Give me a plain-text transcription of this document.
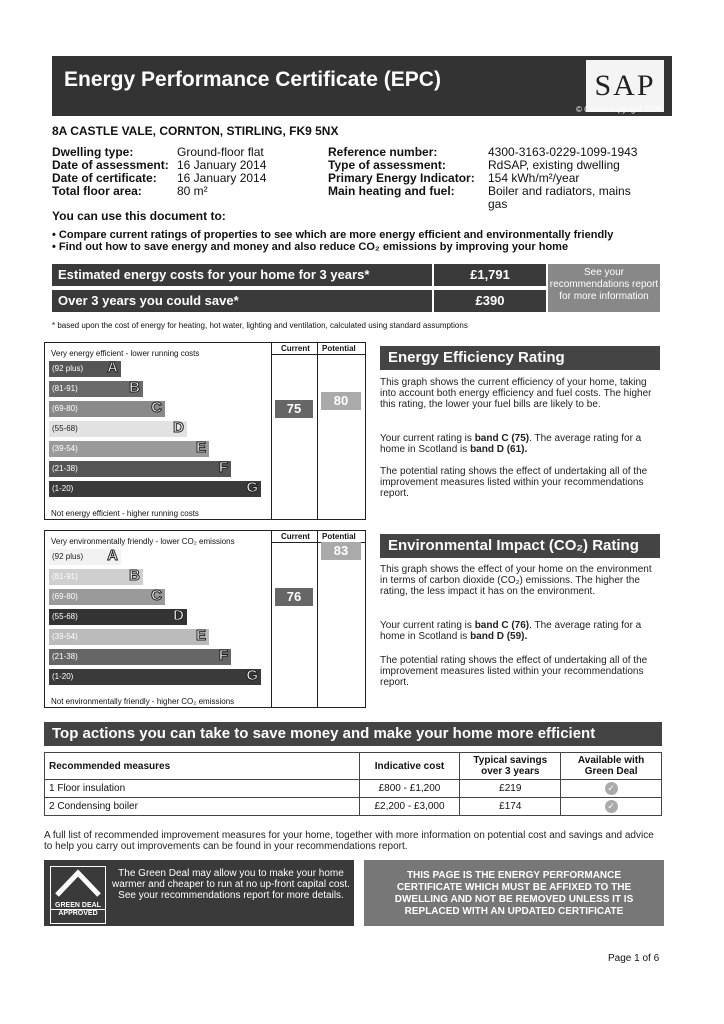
Energy Performance Certificate (EPC)	SAP
© Crown copyright 2009
8A CASTLE VALE, CORNTON, STIRLING, FK9 5NX
Dwelling type:	Ground-floor flat
Date of assessment: 16 January 2014
Date of certificate:	16 January 2014
Total floor area:	80 m²
Reference number:	4300-3163-0229-1099-1943
Type of assessment:	RdSAP, existing dwelling
Primary Energy Indicator:	154 kWh/m²/year
Main heating and fuel:	Boiler and radiators, mains gas
You can use this document to:
• Compare current ratings of properties to see which are more energy efficient and environmentally friendly
• Find out how to save energy and money and also reduce CO₂ emissions by improving your home
Estimated energy costs for your home for 3 years*	£1,791
Over 3 years you could save*	£390
See your recommendations report for more information
* based upon the cost of energy for heating, hot water, lighting and ventilation, calculated using standard assumptions
Current Potential
Very energy efficient - lower running costs
(92 plus) A
(81-91)	B
(69-80)	C
(55-68)	D
(39-54)	E
(21-38)	F
(1-20)	G
Not energy efficient - higher running costs
75
80
Energy Efficiency Rating
This graph shows the current efficiency of your home, taking into account both energy efficiency and fuel costs. The higher this rating, the lower your fuel bills are likely to be.
Your current rating is band C (75). The average rating for a home in Scotland is band D (61).
The potential rating shows the effect of undertaking all of the improvement measures listed within your recommendations report.
Current Potential
Very environmentally friendly - lower CO₂ emissions
(92 plus) A
(81-91)	B
(69-80)	C
(55-68)	D
(39-54)	E
(21-38)	F
(1-20)	G
Not environmentally friendly - higher CO₂ emissions
76
83	Environmental Impact (CO₂) Rating
This graph shows the effect of your home on the environment in terms of carbon dioxide (CO₂) emissions. The higher the rating, the less impact it has on the environment.
Your current rating is band C (76). The average rating for a home in Scotland is band D (59).
The potential rating shows the effect of undertaking all of the improvement measures listed within your recommendations report.
Top actions you can take to save money and make your home more efficient
Recommended measures	Indicative cost	Typical savings over 3 years	Available with Green Deal
1 Floor insulation	£800 - £1,200	£219	✓
2 Condensing boiler	£2,200 - £3,000	£174	✓
A full list of recommended improvement measures for your home, together with more information on potential cost and savings and advice to help you carry out improvements can be found in your recommendations report.
GREEN DEAL
APPROVED
The Green Deal may allow you to make your home warmer and cheaper to run at no up-front capital cost. See your recommendations report for more details.
THIS PAGE IS THE ENERGY PERFORMANCE CERTIFICATE WHICH MUST BE AFFIXED TO THE DWELLING AND NOT BE REMOVED UNLESS IT IS REPLACED WITH AN UPDATED CERTIFICATE
Page 1 of 6
